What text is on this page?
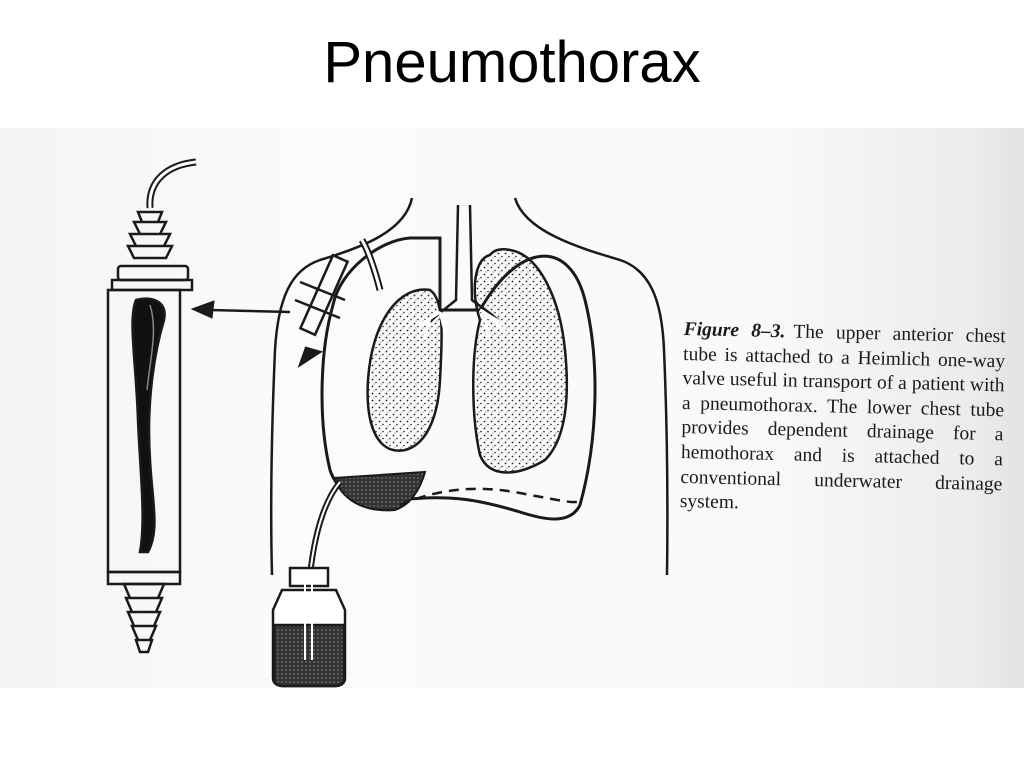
Pneumothorax
Figure 8–3. The upper anterior chest tube is attached to a Heimlich one-way valve useful in transport of a patient with a pneumothorax. The lower chest tube provides dependent drainage for a hemothorax and is attached to a conventional underwater drainage system.
